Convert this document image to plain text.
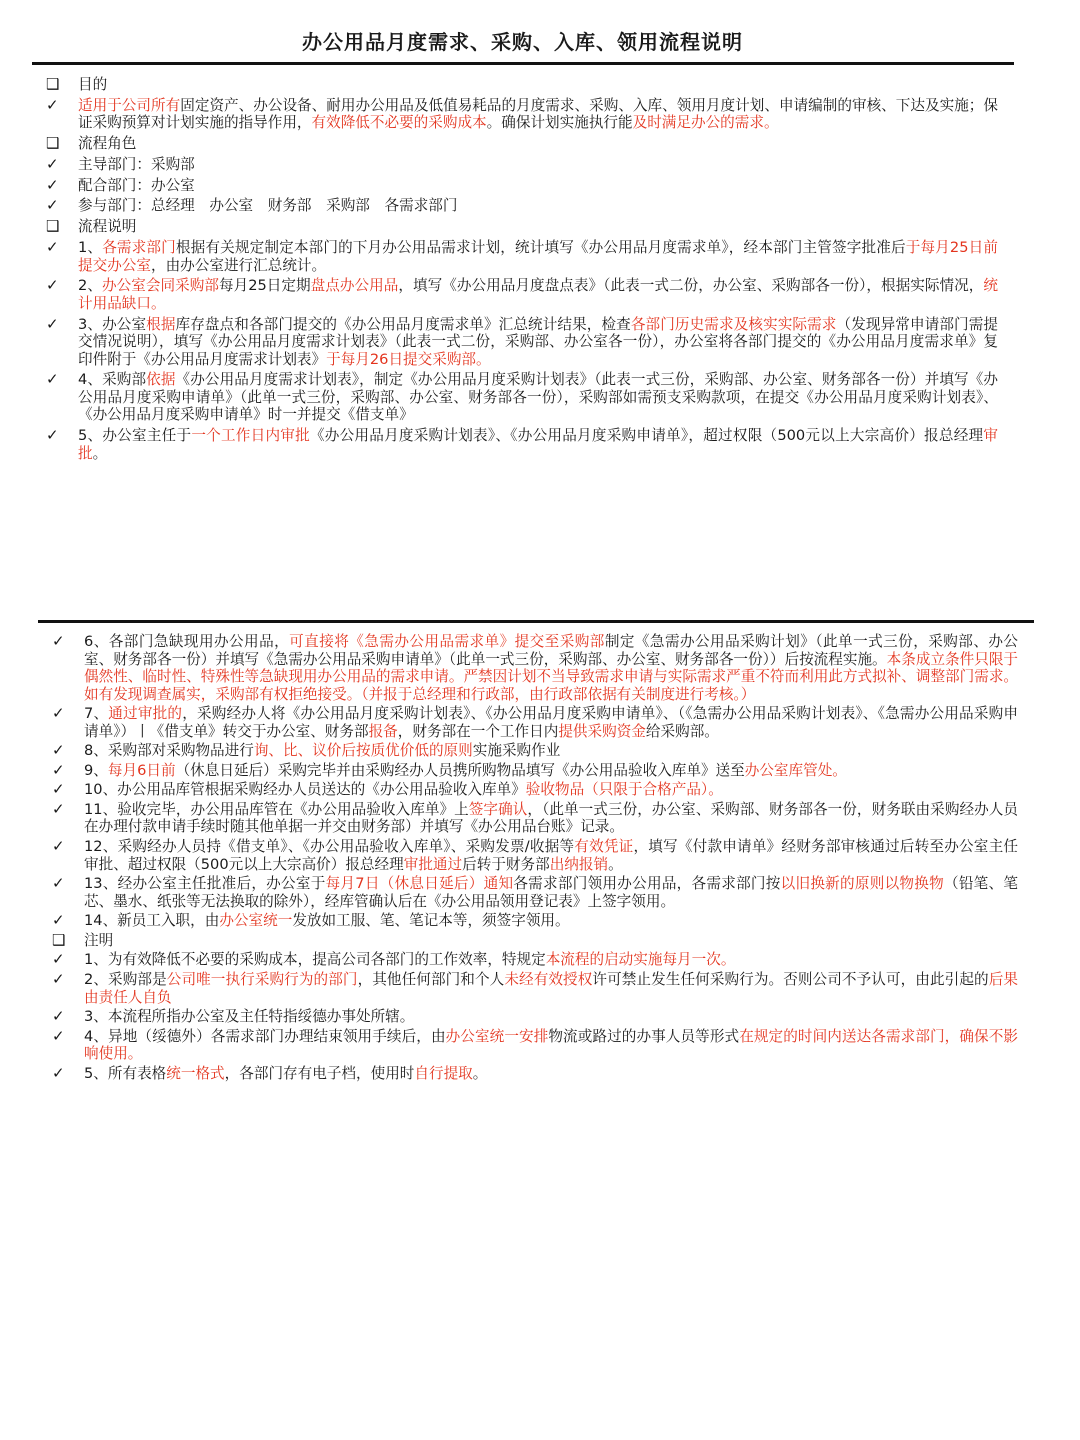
办公用品月度需求、采购、入库、领用流程说明
❑	目的
✓	适用于公司所有固定资产、办公设备、耐用办公用品及低值易耗品的月度需求、采购、入库、领用月度计划、申请编制的审核、下达及实施；保证采购预算对计划实施的指导作用，有效降低不必要的采购成本。确保计划实施执行能及时满足办公的需求。
❑	流程角色
✓	主导部门：采购部
✓	配合部门：办公室
✓	参与部门：总经理　办公室　财务部　采购部　各需求部门
❑	流程说明
✓	1、各需求部门根据有关规定制定本部门的下月办公用品需求计划，统计填写《办公用品月度需求单》，经本部门主管签字批准后于每月25日前提交办公室，由办公室进行汇总统计。
✓	2、办公室会同采购部每月25日定期盘点办公用品，填写《办公用品月度盘点表》（此表一式二份，办公室、采购部各一份），根据实际情况，统计用品缺口。
✓	3、办公室根据库存盘点和各部门提交的《办公用品月度需求单》汇总统计结果，检查各部门历史需求及核实实际需求（发现异常申请部门需提交情况说明），填写《办公用品月度需求计划表》（此表一式二份，采购部、办公室各一份），办公室将各部门提交的《办公用品月度需求单》复印件附于《办公用品月度需求计划表》于每月26日提交采购部。
✓	4、采购部依据《办公用品月度需求计划表》，制定《办公用品月度采购计划表》（此表一式三份，采购部、办公室、财务部各一份）并填写《办公用品月度采购申请单》（此单一式三份，采购部、办公室、财务部各一份），采购部如需预支采购款项，在提交《办公用品月度采购计划表》、《办公用品月度采购申请单》时一并提交《借支单》
✓	5、办公室主任于一个工作日内审批《办公用品月度采购计划表》、《办公用品月度采购申请单》，超过权限（500元以上大宗高价）报总经理审批。
✓	6、各部门急缺现用办公用品，可直接将《急需办公用品需求单》提交至采购部制定《急需办公用品采购计划》（此单一式三份，采购部、办公室、财务部各一份）并填写《急需办公用品采购申请单》（此单一式三份，采购部、办公室、财务部各一份））后按流程实施。本条成立条件只限于偶然性、临时性、特殊性等急缺现用办公用品的需求申请。严禁因计划不当导致需求申请与实际需求严重不符而利用此方式拟补、调整部门需求。如有发现调查属实，采购部有权拒绝接受。（并报于总经理和行政部，由行政部依据有关制度进行考核。）
✓	7、通过审批的，采购经办人将《办公用品月度采购计划表》、《办公用品月度采购申请单》、（《急需办公用品采购计划表》、《急需办公用品采购申请单》）丨《借支单》转交于办公室、财务部报备，财务部在一个工作日内提供采购资金给采购部。
✓	8、采购部对采购物品进行询、比、议价后按质优价低的原则实施采购作业
✓	9、每月6日前（休息日延后）采购完毕并由采购经办人员携所购物品填写《办公用品验收入库单》送至办公室库管处。
✓	10、办公用品库管根据采购经办人员送达的《办公用品验收入库单》验收物品（只限于合格产品）。
✓	11、验收完毕，办公用品库管在《办公用品验收入库单》上签字确认，（此单一式三份，办公室、采购部、财务部各一份，财务联由采购经办人员在办理付款申请手续时随其他单据一并交由财务部）并填写《办公用品台账》记录。
✓	12、采购经办人员持《借支单》、《办公用品验收入库单》、采购发票/收据等有效凭证，填写《付款申请单》经财务部审核通过后转至办公室主任审批、超过权限（500元以上大宗高价）报总经理审批通过后转于财务部出纳报销。
✓	13、经办公室主任批准后，办公室于每月7日（休息日延后）通知各需求部门领用办公用品，各需求部门按以旧换新的原则以物换物（铅笔、笔芯、墨水、纸张等无法换取的除外），经库管确认后在《办公用品领用登记表》上签字领用。
✓	14、新员工入职，由办公室统一发放如工服、笔、笔记本等，须签字领用。
❑	注明
✓	1、为有效降低不必要的采购成本，提高公司各部门的工作效率，特规定本流程的启动实施每月一次。
✓	2、采购部是公司唯一执行采购行为的部门，其他任何部门和个人未经有效授权许可禁止发生任何采购行为。否则公司不予认可，由此引起的后果由责任人自负
✓	3、本流程所指办公室及主任特指绥德办事处所辖。
✓	4、异地（绥德外）各需求部门办理结束领用手续后，由办公室统一安排物流或路过的办事人员等形式在规定的时间内送达各需求部门，确保不影响使用。
✓	5、所有表格统一格式，各部门存有电子档，使用时自行提取。
